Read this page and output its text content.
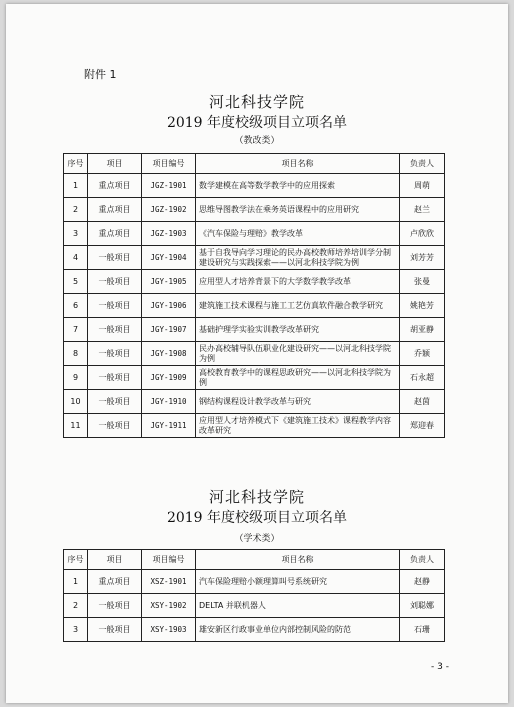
附件 1
河北科技学院
2019 年度校级项目立项名单
（教改类）
序号	项目	项目编号	项目名称	负责人
1	重点项目	JGZ-1901	数学建模在高等数学教学中的应用探索	周萌
2	重点项目	JGZ-1902	思维导图教学法在乘务英语课程中的应用研究	赵兰
3	重点项目	JGZ-1903	《汽车保险与理赔》教学改革	卢欣欣
4	一般项目	JGY-1904	基于自我导向学习理论的民办高校教师培养培训学分制建设研究与实践探索——以河北科技学院为例	刘芳芳
5	一般项目	JGY-1905	应用型人才培养背景下的大学数学教学改革	张曼
6	一般项目	JGY-1906	建筑施工技术课程与施工工艺仿真软件融合教学研究	姚艳芳
7	一般项目	JGY-1907	基础护理学实验实训教学改革研究	胡亚静
8	一般项目	JGY-1908	民办高校辅导队伍职业化建设研究——以河北科技学院为例	乔颖
9	一般项目	JGY-1909	高校教育教学中的课程思政研究——以河北科技学院为例	石永超
10	一般项目	JGY-1910	钢结构课程设计教学改革与研究	赵茵
11	一般项目	JGY-1911	应用型人才培养模式下《建筑施工技术》课程教学内容改革研究	郑迎春
河北科技学院
2019 年度校级项目立项名单
（学术类）
序号	项目	项目编号	项目名称	负责人
1	重点项目	XSZ-1901	汽车保险理赔小额理算叫号系统研究	赵静
2	一般项目	XSY-1902	DELTA 并联机器人	刘聪娜
3	一般项目	XSY-1903	雄安新区行政事业单位内部控制风险的防范	石珊
- 3 -
